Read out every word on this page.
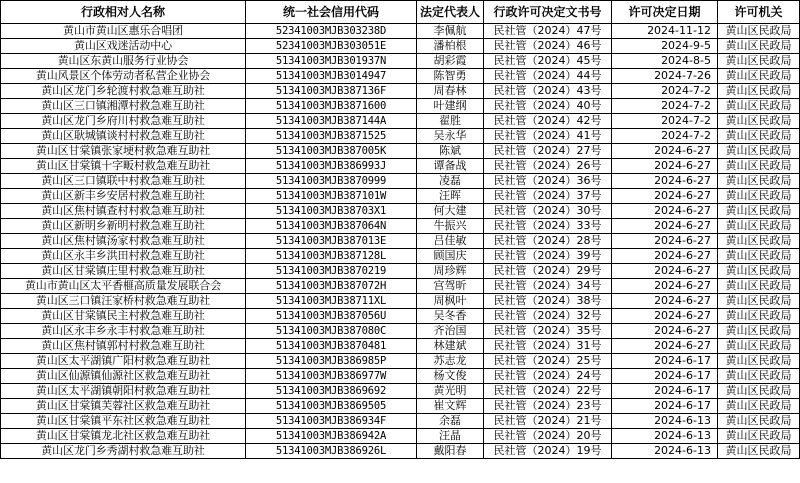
行政相对人名称	统一社会信用代码	法定代表人	行政许可决定文书号	许可决定日期	许可机关
黄山市黄山区惠乐合唱团	52341003MJB303238D	李佩航	民社管（2024）47号	2024-11-12	黄山区民政局
黄山区戏迷活动中心	52341003MJB303051E	潘柏根	民社管（2024）46号	2024-9-5	黄山区民政局
黄山区东黄山服务行业协会	51341003MJB301937N	胡彩霞	民社管（2024）45号	2024-8-5	黄山区民政局
黄山风景区个体劳动者私营企业协会	51341003MJB3014947	陈智勇	民社管（2024）44号	2024-7-26	黄山区民政局
黄山区龙门乡轮渡村救急难互助社	51341003MJB387136F	周春林	民社管（2024）43号	2024-7-2	黄山区民政局
黄山区三口镇湘潭村救急难互助社	51341003MJB3871600	叶建纲	民社管（2024）40号	2024-7-2	黄山区民政局
黄山区龙门乡府川村救急难互助社	51341003MJB387144A	翟胜	民社管（2024）42号	2024-7-2	黄山区民政局
黄山区耿城镇谈村村救急难互助社	51341003MJB3871525	吴永华	民社管（2024）41号	2024-7-2	黄山区民政局
黄山区甘棠镇张家埂村救急难互助社	51341003MJB387005K	陈斌	民社管（2024）27号	2024-6-27	黄山区民政局
黄山区甘棠镇十字畈村救急难互助社	51341003MJB386993J	谭备战	民社管（2024）26号	2024-6-27	黄山区民政局
黄山区三口镇联中村救急难互助社	51341003MJB3870999	凌磊	民社管（2024）36号	2024-6-27	黄山区民政局
黄山区新丰乡安居村救急难互助社	51341003MJB387101W	汪晖	民社管（2024）37号	2024-6-27	黄山区民政局
黄山区焦村镇查村村救急难互助社	51341003MJB38703X1	何大建	民社管（2024）30号	2024-6-27	黄山区民政局
黄山区新明乡新明村救急难互助社	51341003MJB387064N	牛振兴	民社管（2024）33号	2024-6-27	黄山区民政局
黄山区焦村镇汤家村救急难互助社	51341003MJB387013E	吕佳敏	民社管（2024）28号	2024-6-27	黄山区民政局
黄山区永丰乡洪田村救急难互助社	51341003MJB387128L	顾国庆	民社管（2024）39号	2024-6-27	黄山区民政局
黄山区甘棠镇庄里村救急难互助社	51341003MJB3870219	周珍辉	民社管（2024）29号	2024-6-27	黄山区民政局
黄山市黄山区太平香榧高质量发展联合会	51341003MJB387072H	宫驾昕	民社管（2024）34号	2024-6-27	黄山区民政局
黄山区三口镇汪家桥村救急难互助社	51341003MJB38711XL	周枫叶	民社管（2024）38号	2024-6-27	黄山区民政局
黄山区甘棠镇民主村救急难互助社	51341003MJB387056U	吴冬香	民社管（2024）32号	2024-6-27	黄山区民政局
黄山区永丰乡永丰村救急难互助社	51341003MJB387080C	齐治国	民社管（2024）35号	2024-6-27	黄山区民政局
黄山区焦村镇郭村村救急难互助社	51341003MJB3870481	林建斌	民社管（2024）31号	2024-6-27	黄山区民政局
黄山区太平湖镇广阳村救急难互助社	51341003MJB386985P	苏志龙	民社管（2024）25号	2024-6-17	黄山区民政局
黄山区仙源镇仙源社区救急难互助社	51341003MJB386977W	杨文俊	民社管（2024）24号	2024-6-17	黄山区民政局
黄山区太平湖镇朝阳村救急难互助社	51341003MJB3869692	黄光明	民社管（2024）22号	2024-6-17	黄山区民政局
黄山区甘棠镇芙蓉社区救急难互助社	51341003MJB3869505	崔文辉	民社管（2024）23号	2024-6-17	黄山区民政局
黄山区甘棠镇平东社区救急难互助社	51341003MJB386934F	余磊	民社管（2024）21号	2024-6-13	黄山区民政局
黄山区甘棠镇龙北社区救急难互助社	51341003MJB386942A	汪晶	民社管（2024）20号	2024-6-13	黄山区民政局
黄山区龙门乡秀湖村救急难互助社	51341003MJB386926L	戴阳春	民社管（2024）19号	2024-6-13	黄山区民政局
